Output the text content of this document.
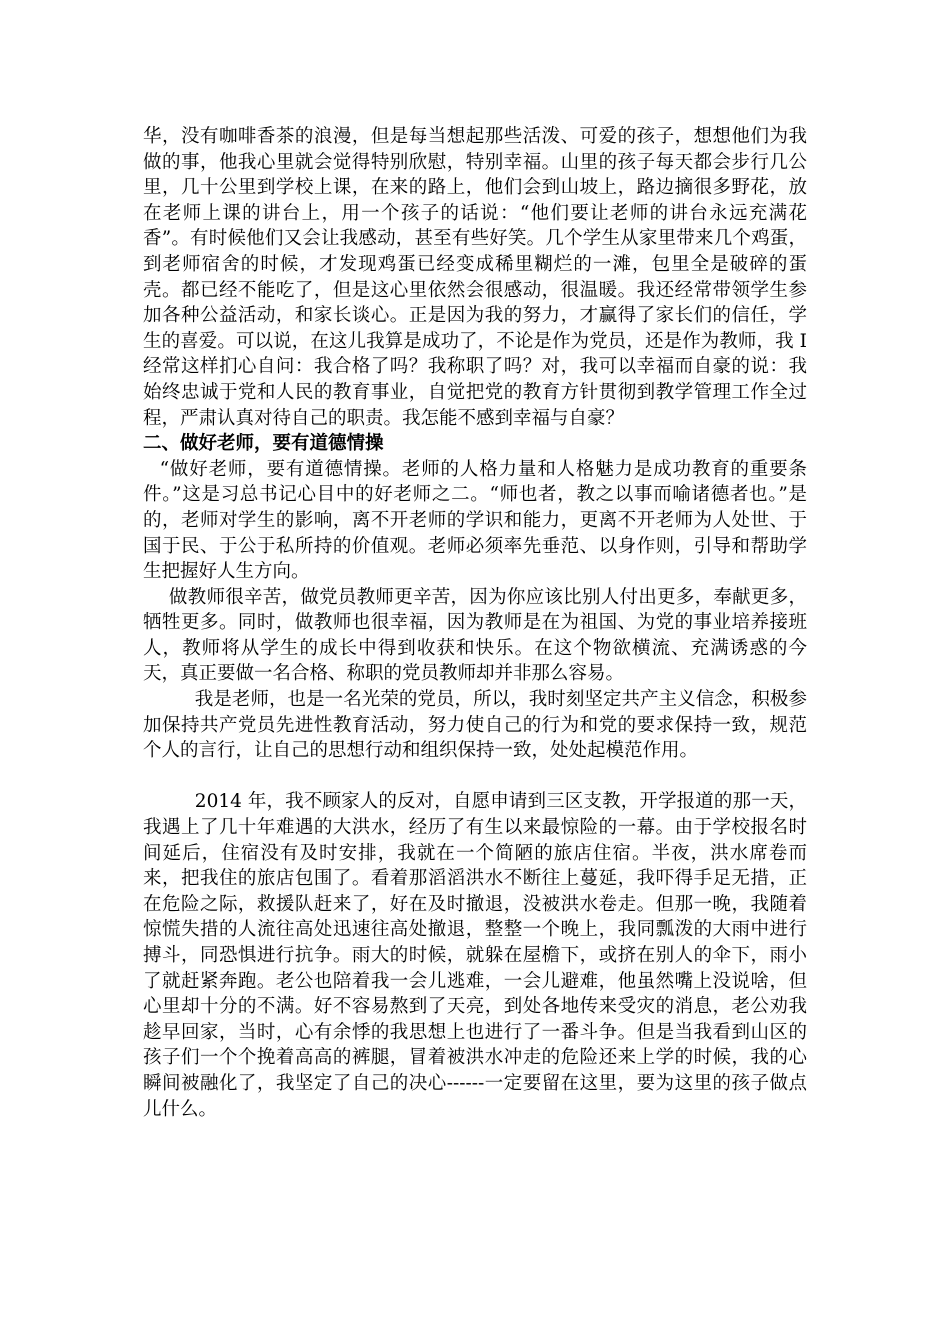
华，没有咖啡香茶的浪漫，但是每当想起那些活泼、可爱的孩子，想想他们为我做的事，他我心里就会觉得特别欣慰，特别幸福。山里的孩子每天都会步行几公里，几十公里到学校上课，在来的路上，他们会到山坡上，路边摘很多野花，放在老师上课的讲台上，用一个孩子的话说：“他们要让老师的讲台永远充满花香”。有时候他们又会让我感动，甚至有些好笑。几个学生从家里带来几个鸡蛋，到老师宿舍的时候，才发现鸡蛋已经变成稀里糊烂的一滩，包里全是破碎的蛋壳。都已经不能吃了，但是这心里依然会很感动，很温暖。我还经常带领学生参加各种公益活动，和家长谈心。正是因为我的努力，才赢得了家长们的信任，学生的喜爱。可以说，在这儿我算是成功了，不论是作为党员，还是作为教师，我 I 经常这样扪心自问：我合格了吗？我称职了吗？对，我可以幸福而自豪的说：我始终忠诚于党和人民的教育事业，自觉把党的教育方针贯彻到教学管理工作全过程，严肃认真对待自己的职责。我怎能不感到幸福与自豪？

二、做好老师，要有道德情操

“做好老师，要有道德情操。老师的人格力量和人格魅力是成功教育的重要条件。”这是习总书记心目中的好老师之二。“师也者，教之以事而喻诸德者也。”是的，老师对学生的影响，离不开老师的学识和能力，更离不开老师为人处世、于国于民、于公于私所持的价值观。老师必须率先垂范、以身作则，引导和帮助学生把握好人生方向。

做教师很辛苦，做党员教师更辛苦，因为你应该比别人付出更多，奉献更多，牺牲更多。同时，做教师也很幸福，因为教师是在为祖国、为党的事业培养接班人，教师将从学生的成长中得到收获和快乐。在这个物欲横流、充满诱惑的今天，真正要做一名合格、称职的党员教师却并非那么容易。

我是老师，也是一名光荣的党员，所以，我时刻坚定共产主义信念，积极参加保持共产党员先进性教育活动，努力使自己的行为和党的要求保持一致，规范个人的言行，让自己的思想行动和组织保持一致，处处起模范作用。

2014 年，我不顾家人的反对，自愿申请到三区支教，开学报道的那一天，我遇上了几十年难遇的大洪水，经历了有生以来最惊险的一幕。由于学校报名时间延后，住宿没有及时安排，我就在一个简陋的旅店住宿。半夜，洪水席卷而来，把我住的旅店包围了。看着那滔滔洪水不断往上蔓延，我吓得手足无措，正在危险之际，救援队赶来了，好在及时撤退，没被洪水卷走。但那一晚，我随着惊慌失措的人流往高处迅速往高处撤退，整整一个晚上，我同瓢泼的大雨中进行搏斗，同恐惧进行抗争。雨大的时候，就躲在屋檐下，或挤在别人的伞下，雨小了就赶紧奔跑。老公也陪着我一会儿逃难，一会儿避难，他虽然嘴上没说啥，但心里却十分的不满。好不容易熬到了天亮，到处各地传来受灾的消息，老公劝我趁早回家，当时，心有余悸的我思想上也进行了一番斗争。但是当我看到山区的孩子们一个个挽着高高的裤腿，冒着被洪水冲走的危险还来上学的时候，我的心瞬间被融化了，我坚定了自己的决心------一定要留在这里，要为这里的孩子做点儿什么。
